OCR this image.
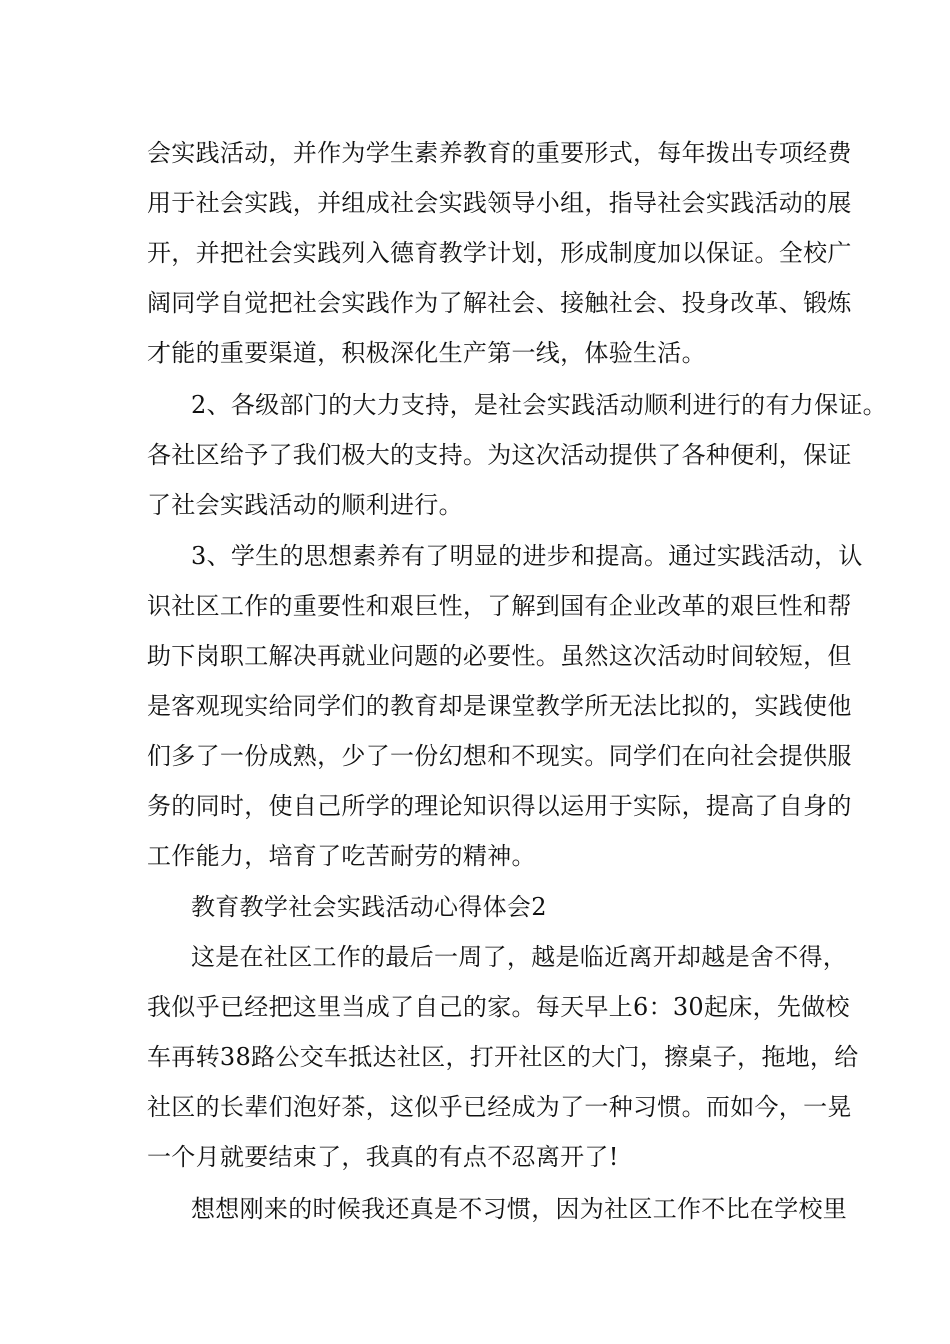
会实践活动，并作为学生素养教育的重要形式，每年拨出专项经费
用于社会实践，并组成社会实践领导小组，指导社会实践活动的展
开，并把社会实践列入德育教学计划，形成制度加以保证。全校广
阔同学自觉把社会实践作为了解社会、接触社会、投身改革、锻炼
才能的重要渠道，积极深化生产第一线，体验生活。
2、各级部门的大力支持，是社会实践活动顺利进行的有力保证。
各社区给予了我们极大的支持。为这次活动提供了各种便利，保证
了社会实践活动的顺利进行。
3、学生的思想素养有了明显的进步和提高。通过实践活动，认
识社区工作的重要性和艰巨性，了解到国有企业改革的艰巨性和帮
助下岗职工解决再就业问题的必要性。虽然这次活动时间较短，但
是客观现实给同学们的教育却是课堂教学所无法比拟的，实践使他
们多了一份成熟，少了一份幻想和不现实。同学们在向社会提供服
务的同时，使自己所学的理论知识得以运用于实际，提高了自身的
工作能力，培育了吃苦耐劳的精神。
教育教学社会实践活动心得体会2
这是在社区工作的最后一周了，越是临近离开却越是舍不得，
我似乎已经把这里当成了自己的家。每天早上6：30起床，先做校
车再转38路公交车抵达社区，打开社区的大门，擦桌子，拖地，给
社区的长辈们泡好茶，这似乎已经成为了一种习惯。而如今，一晃
一个月就要结束了，我真的有点不忍离开了!
想想刚来的时候我还真是不习惯，因为社区工作不比在学校里
